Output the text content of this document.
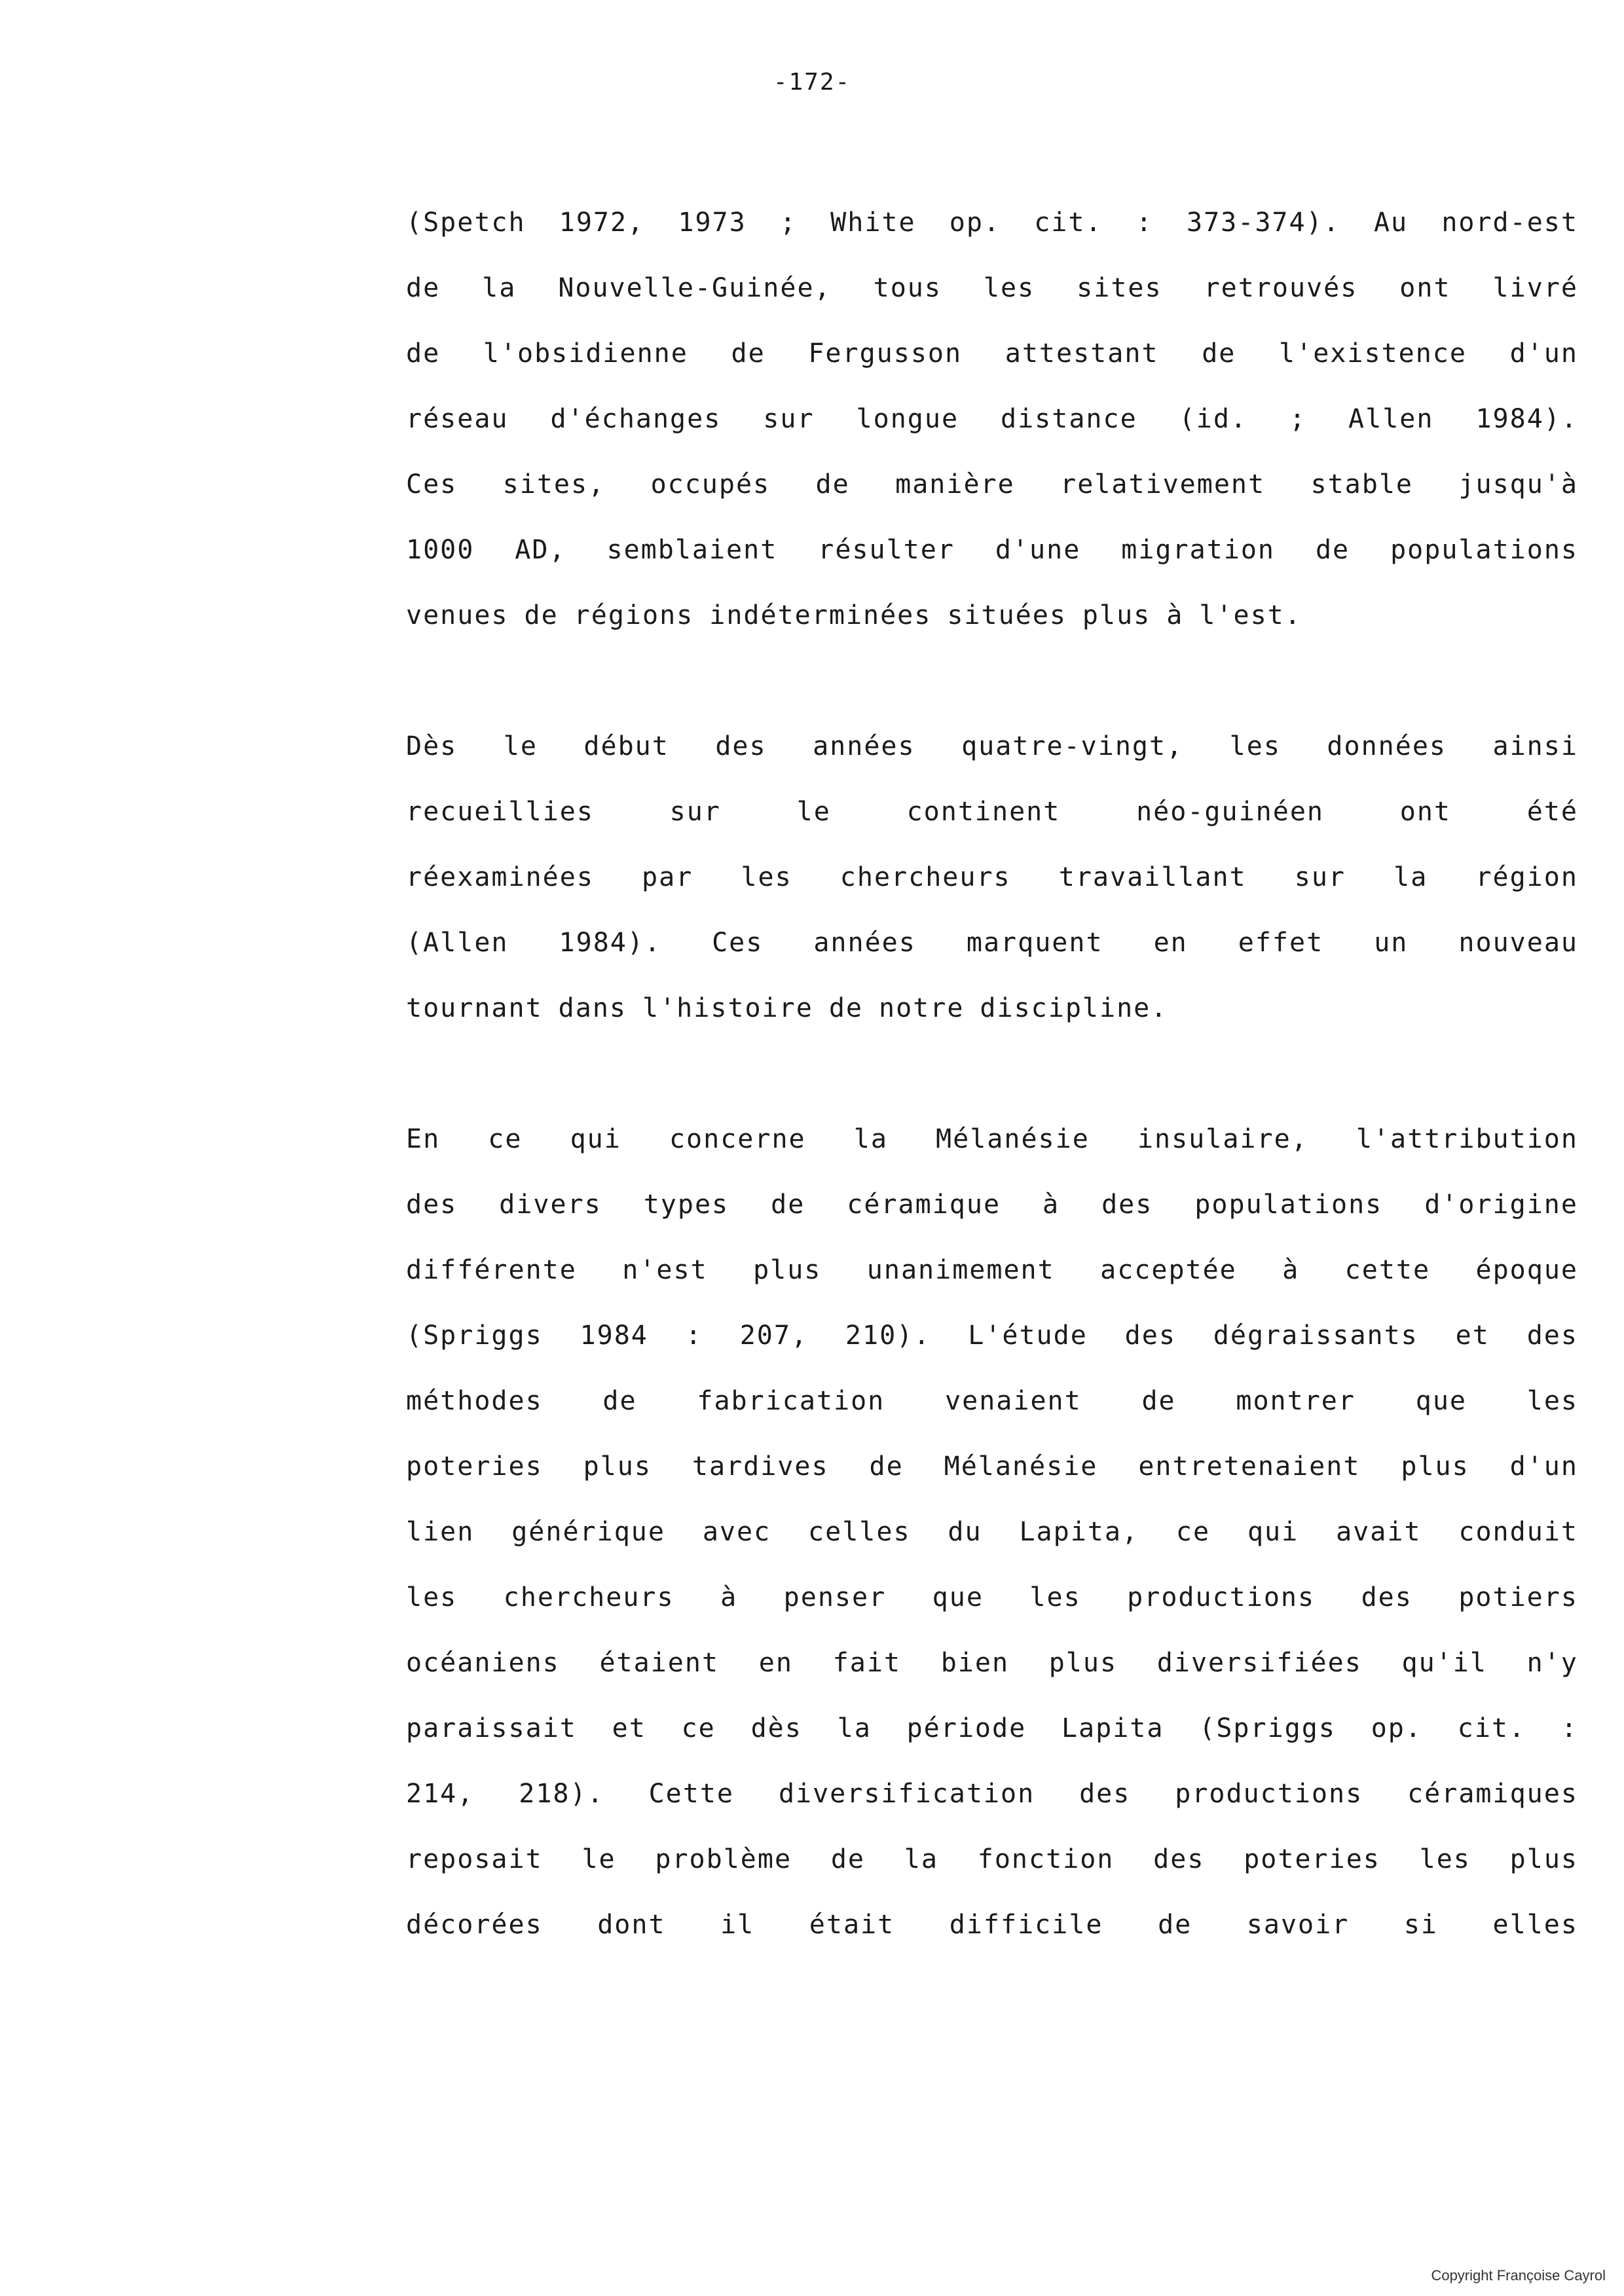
-172-
(Spetch 1972, 1973 ; White op. cit. : 373-374). Au nord-est
de la Nouvelle-Guinée, tous les sites retrouvés ont livré
de l'obsidienne de Fergusson attestant de l'existence d'un
réseau d'échanges sur longue distance (id. ; Allen 1984).
Ces sites, occupés de manière relativement stable jusqu'à
1000 AD, semblaient résulter d'une migration de populations
venues de régions indéterminées situées plus à l'est.
Dès le début des années quatre-vingt, les données ainsi
recueillies	sur	le	continent	néo-guinéen	ont	été
réexaminées par les chercheurs travaillant sur la région
(Allen 1984). Ces années marquent en effet un nouveau
tournant dans l'histoire de notre discipline.
En ce qui concerne la Mélanésie insulaire, l'attribution
des divers types de céramique à des populations d'origine
différente n'est plus unanimement acceptée à cette époque
(Spriggs 1984 : 207, 210). L'étude des dégraissants et des
méthodes de fabrication venaient de montrer que les
poteries plus tardives de Mélanésie entretenaient plus d'un
lien générique avec celles du Lapita, ce qui avait conduit
les chercheurs à penser que les productions des potiers
océaniens étaient en fait bien plus diversifiées qu'il n'y
paraissait et ce dès la période Lapita (Spriggs op. cit. :
214, 218). Cette diversification des productions céramiques
reposait le problème de la fonction des poteries les plus
décorées dont il était difficile de savoir si elles
Copyright Françoise Cayrol
